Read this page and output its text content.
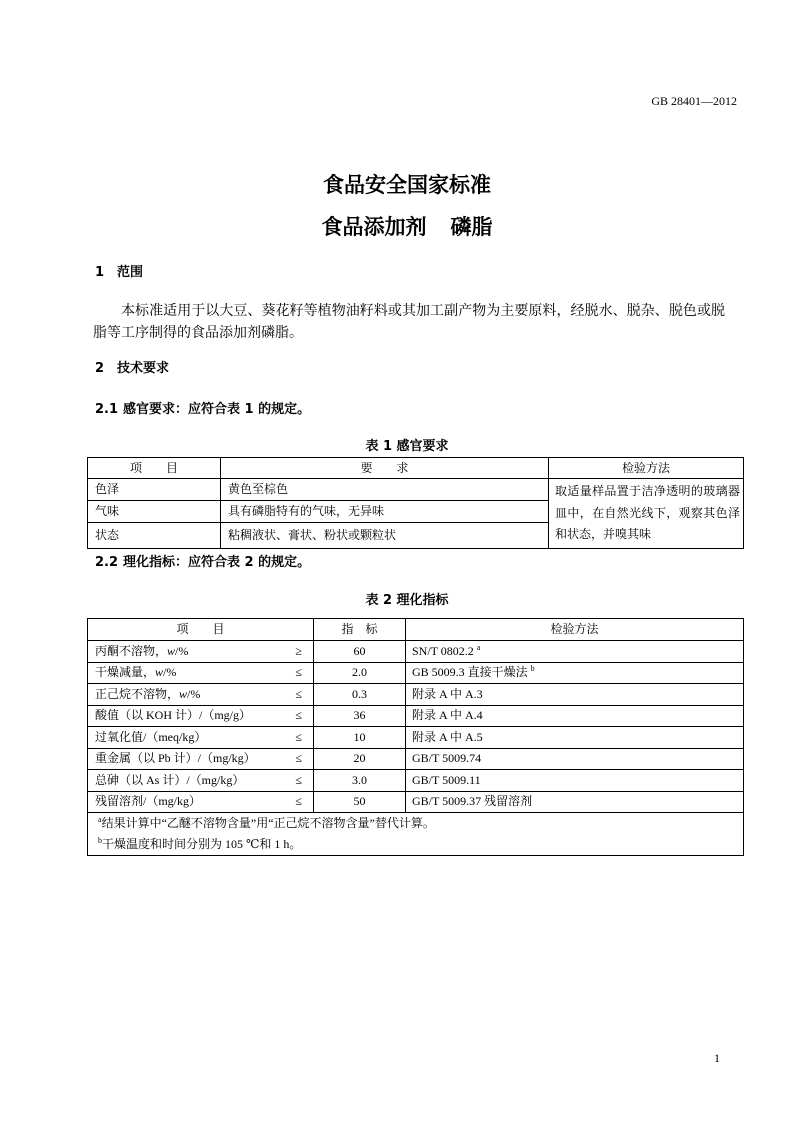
GB 28401—2012
食品安全国家标准
食品添加剂 磷脂
1 范围
本标准适用于以大豆、葵花籽等植物油籽料或其加工副产物为主要原料，经脱水、脱杂、脱色或脱脂等工序制得的食品添加剂磷脂。
2 技术要求
2.1 感官要求：应符合表 1 的规定。
表 1 感官要求
项　　目	要　　求	检验方法
色泽	黄色至棕色	取适量样品置于洁净透明的玻璃器皿中，在自然光线下，观察其色泽和状态，并嗅其味
气味	具有磷脂特有的气味，无异味	
状态	粘稠液状、膏状、粉状或颗粒状	
2.2 理化指标：应符合表 2 的规定。
表 2 理化指标
项　　目	指　标	检验方法

丙酮不溶物，w/% ≥	60	SN/T 0802.2 $^a$

干燥减量，w/% ≤	2.0	GB 5009.3 直接干燥法 $^b$

正己烷不溶物，w/% ≤	0.3	附录 A 中 A.3

酸值（以 KOH 计）/（mg/g） ≤	36	附录 A 中 A.4

过氧化值/（meq/kg） ≤	10	附录 A 中 A.5

重金属（以 Pb 计）/（mg/kg） ≤	20	GB/T 5009.74

总砷（以 As 计）/（mg/kg） ≤	3.0	GB/T 5009.11

残留溶剂/（mg/kg） ≤	50	GB/T 5009.37 残留溶剂

$^a$结果计算中“乙醚不溶物含量”用“正己烷不溶物含量”替代计算。
$^b$干燥温度和时间分别为 105 ℃和 1 h。		
1
